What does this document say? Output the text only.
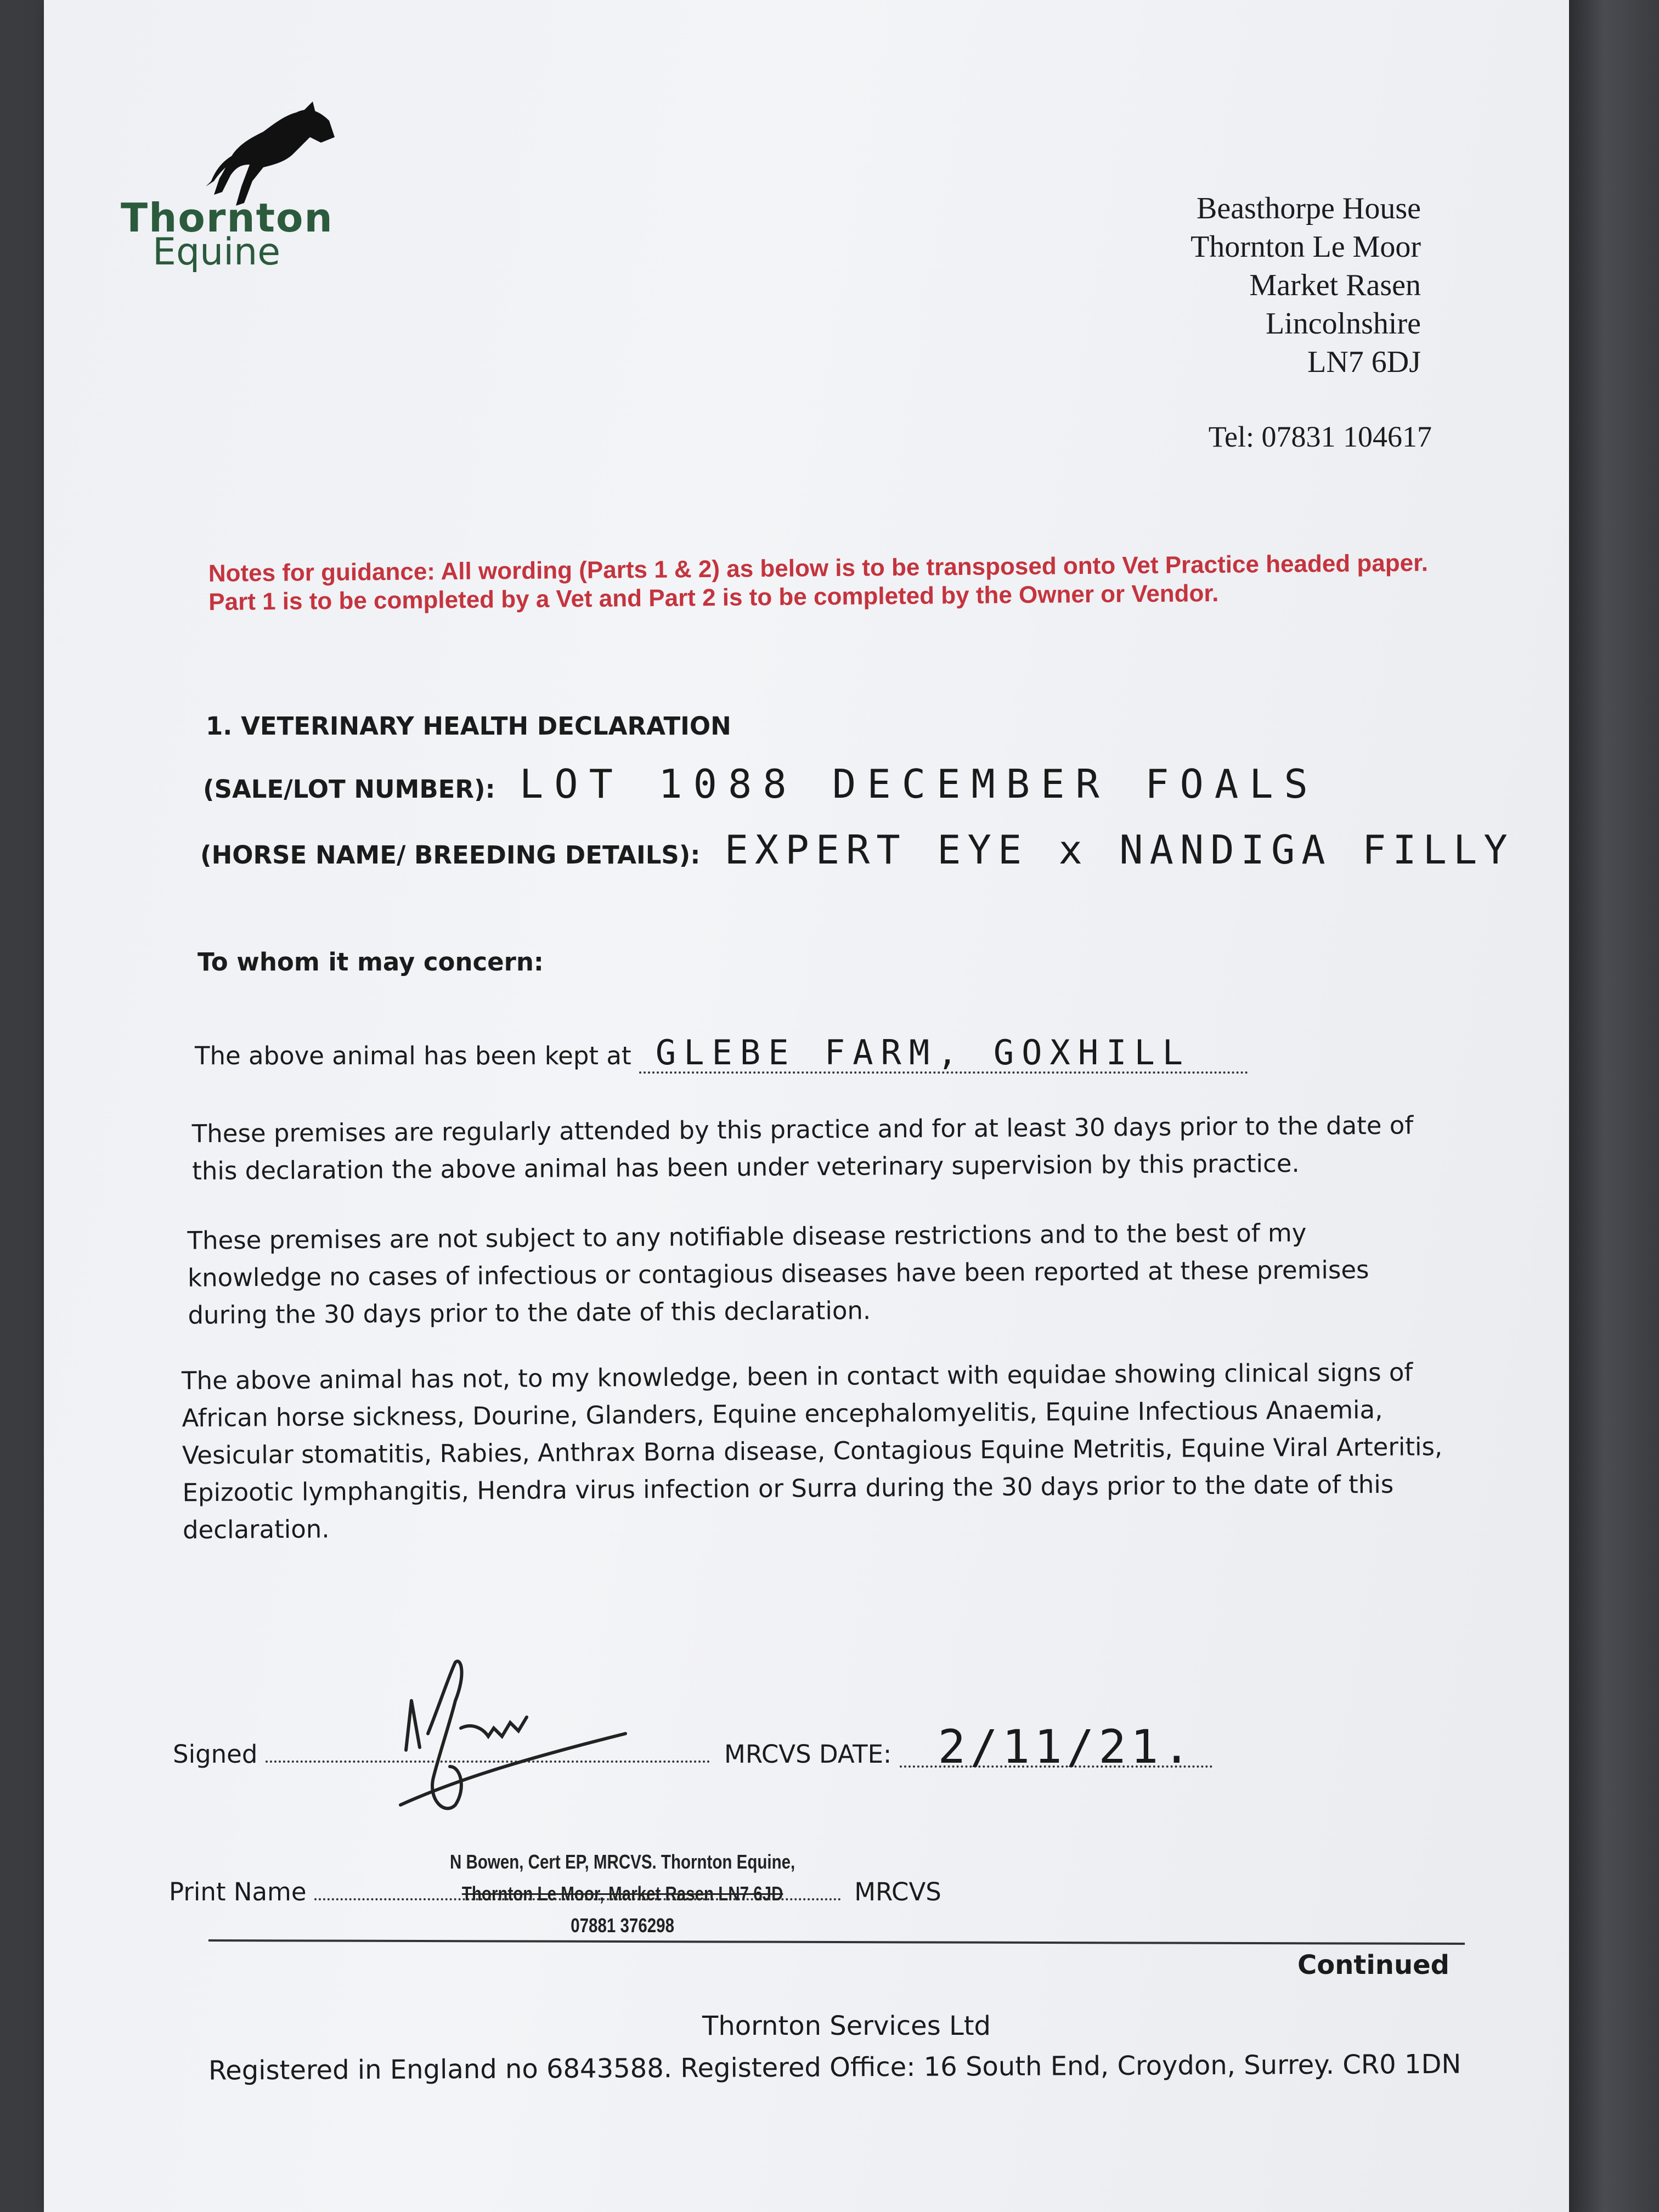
Thornton
Equine
Beasthorpe House
Thornton Le Moor
Market Rasen
Lincolnshire
LN7 6DJ
Tel: 07831 104617
Notes for guidance: All wording (Parts 1 & 2) as below is to be transposed onto Vet Practice headed paper. Part 1 is to be completed by a Vet and Part 2 is to be completed by the Owner or Vendor.
1. VETERINARY HEALTH DECLARATION
(SALE/LOT NUMBER): LOT 1088 DECEMBER FOALS
(HORSE NAME/ BREEDING DETAILS): EXPERT EYE x NANDIGA FILLY
To whom it may concern:
The above animal has been kept at GLEBE FARM, GOXHILL
These premises are regularly attended by this practice and for at least 30 days prior to the date of this declaration the above animal has been under veterinary supervision by this practice.
These premises are not subject to any notifiable disease restrictions and to the best of my knowledge no cases of infectious or contagious diseases have been reported at these premises during the 30 days prior to the date of this declaration.
The above animal has not, to my knowledge, been in contact with equidae showing clinical signs of African horse sickness, Dourine, Glanders, Equine encephalomyelitis, Equine Infectious Anaemia, Vesicular stomatitis, Rabies, Anthrax Borna disease, Contagious Equine Metritis, Equine Viral Arteritis, Epizootic lymphangitis, Hendra virus infection or Surra during the 30 days prior to the date of this declaration.
Signed	MRCVS DATE: 2/11/21.
Print Name	MRCVS
N Bowen, Cert EP, MRCVS. Thornton Equine,
Thornton Le Moor, Market Rasen LN7 6JD
07881 376298
Continued
Thornton Services Ltd
Registered in England no 6843588. Registered Office: 16 South End, Croydon, Surrey. CR0 1DN
